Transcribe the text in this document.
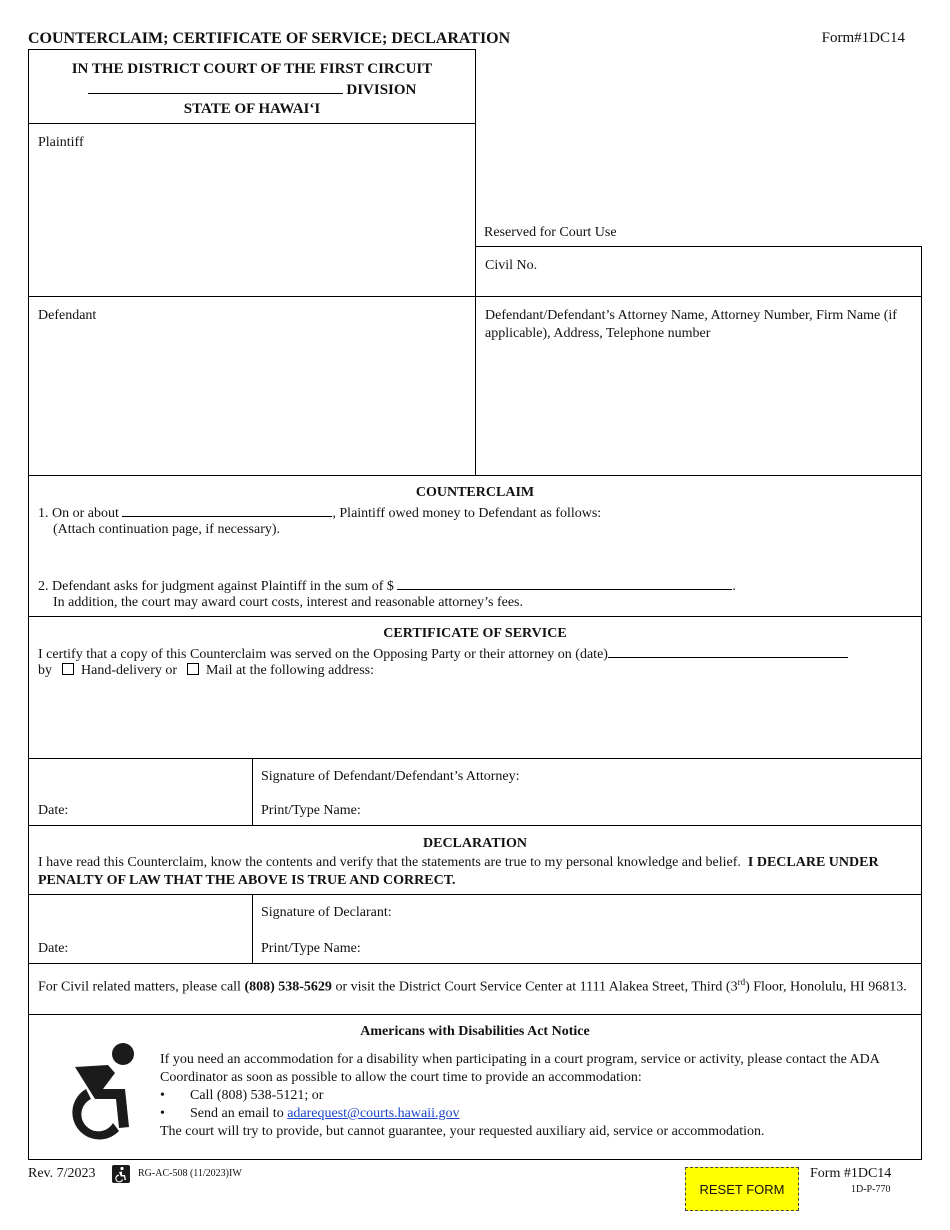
COUNTERCLAIM; CERTIFICATE OF SERVICE; DECLARATION	Form#1DC14
IN THE DISTRICT COURT OF THE FIRST CIRCUIT
DIVISION
STATE OF HAWAI‘I
Plaintiff
Reserved for Court Use
Civil No.
Defendant	Defendant/Defendant’s Attorney Name, Attorney Number, Firm Name (if applicable), Address, Telephone number
COUNTERCLAIM
1. On or about	, Plaintiff owed money to Defendant as follows:
(Attach continuation page, if necessary).
2. Defendant asks for judgment against Plaintiff in the sum of $	.
In addition, the court may award court costs, interest and reasonable attorney’s fees.
CERTIFICATE OF SERVICE
I certify that a copy of this Counterclaim was served on the Opposing Party or their attorney on (date)
by Hand-delivery or Mail at the following address:
Date:
Signature of Defendant/Defendant’s Attorney:
Print/Type Name:
DECLARATION
I have read this Counterclaim, know the contents and verify that the statements are true to my personal knowledge and belief. I DECLARE UNDER PENALTY OF LAW THAT THE ABOVE IS TRUE AND CORRECT.
Date:
Signature of Declarant:
Print/Type Name:
For Civil related matters, please call (808) 538-5629 or visit the District Court Service Center at 1111 Alakea Street, Third (3rd) Floor, Honolulu, HI 96813.
Americans with Disabilities Act Notice
If you need an accommodation for a disability when participating in a court program, service or activity, please contact the ADA Coordinator as soon as possible to allow the court time to provide an accommodation:
• Call (808) 538-5121; or
• Send an email to adarequest@courts.hawaii.gov
The court will try to provide, but cannot guarantee, your requested auxiliary aid, service or accommodation.
Rev. 7/2023	RG-AC-508 (11/2023)IW
RESET FORM
Form #1DC14
1D-P-770
